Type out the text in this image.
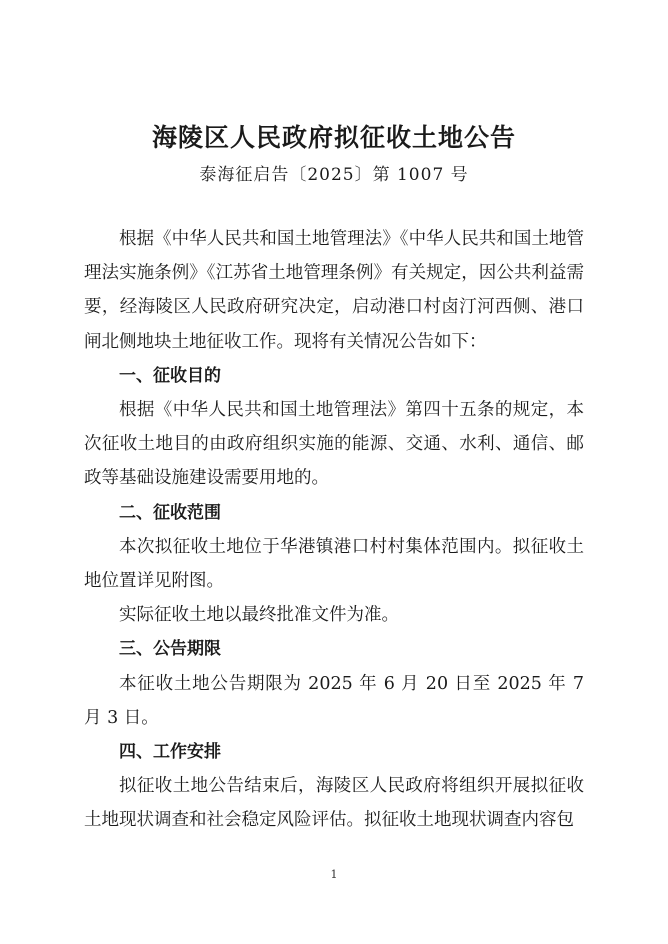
海陵区人民政府拟征收土地公告
泰海征启告〔2025〕第 1007 号

根据《中华人民共和国土地管理法》《中华人民共和国土地管理法实施条例》《江苏省土地管理条例》有关规定，因公共利益需要，经海陵区人民政府研究决定，启动港口村卤汀河西侧、港口闸北侧地块土地征收工作。现将有关情况公告如下：

一、征收目的

根据《中华人民共和国土地管理法》第四十五条的规定，本次征收土地目的由政府组织实施的能源、交通、水利、通信、邮政等基础设施建设需要用地的。

二、征收范围

本次拟征收土地位于华港镇港口村村集体范围内。拟征收土地位置详见附图。

实际征收土地以最终批准文件为准。

三、公告期限

本征收土地公告期限为 2025 年 6 月 20 日至 2025 年 7 月 3 日。

四、工作安排

拟征收土地公告结束后，海陵区人民政府将组织开展拟征收土地现状调查和社会稳定风险评估。拟征收土地现状调查内容包

1
